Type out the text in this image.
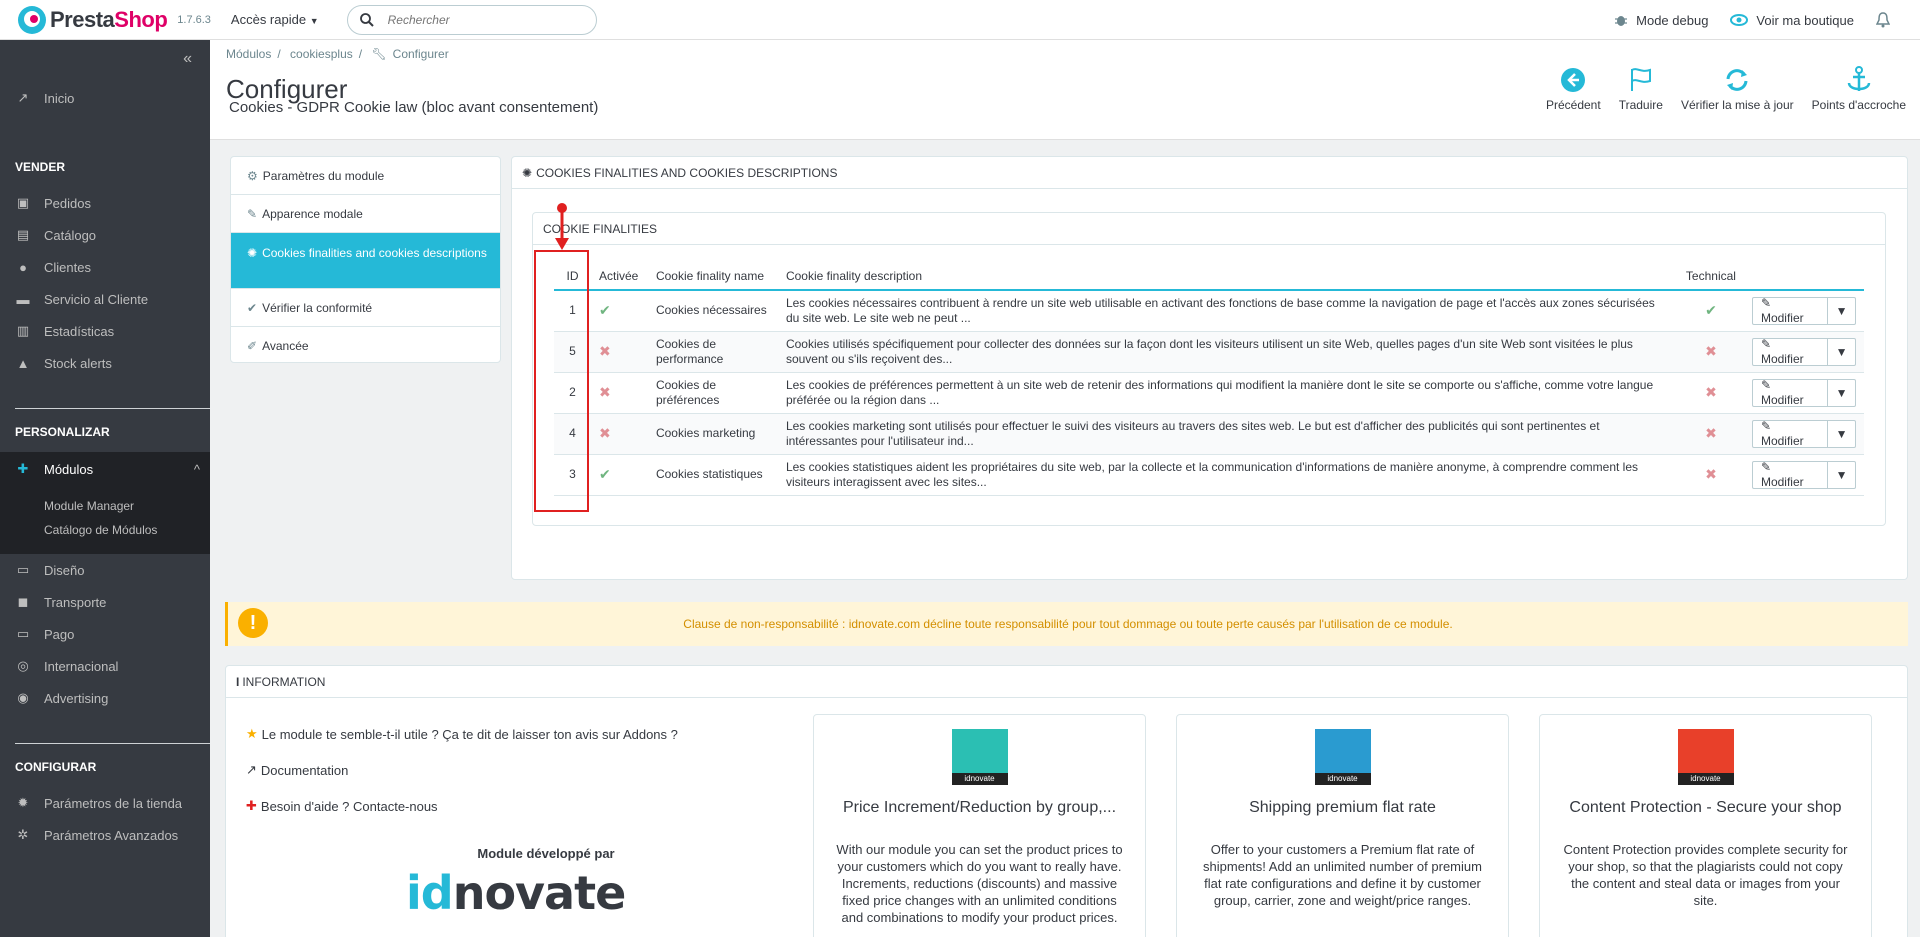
PrestaShop 1.7.6.3 Accès rapide ▼
Rechercher	Mode debug	Voir ma boutique
«
↗ Inicio
VENDER
▣ Pedidos
▤ Catálogo
●	Clientes
▬ Servicio al Cliente
▥ Estadísticas
▲ Stock alerts
PERSONALIZAR
✚ Módulos	^
Module Manager
Catálogo de Módulos
▭ Diseño
◼ Transporte
▭ Pago
◎ Internacional
◉ Advertising
CONFIGURAR
✹ Parámetros de la tienda
✲ Parámetros Avanzados
Módulos / cookiesplus / 🔧︎ Configurer
Configurer
Cookies - GDPR Cookie law (bloc avant consentement)	Précédent Traduire Vérifier la mise à jour Points d'accroche
⚙ Paramètres du module
✎ Apparence modale
✺ Cookies finalities and cookies descriptions
✔ Vérifier la conformité
✐ Avancée
✺ COOKIES FINALITIES AND COOKIES DESCRIPTIONS
COOKIE FINALITIES
ID	Activée	Cookie finality name	Cookie finality description	Technical	
1	✔	Cookies nécessaires	Les cookies nécessaires contribuent à rendre un site web utilisable en activant des fonctions de base comme la navigation de page et l'accès aux zones sécurisées du site web. Le site web ne peut ...	✔	✎ Modifier
▼

5	✖	Cookies de performance	Cookies utilisés spécifiquement pour collecter des données sur la façon dont les visiteurs utilisent un site Web, quelles pages d'un site Web sont visitées le plus souvent ou s'ils reçoivent des...	✖	✎ Modifier
▼

2	✖	Cookies de préférences	Les cookies de préférences permettent à un site web de retenir des informations qui modifient la manière dont le site se comporte ou s'affiche, comme votre langue préférée ou la région dans ...	✖	✎ Modifier
▼

4	✖	Cookies marketing	Les cookies marketing sont utilisés pour effectuer le suivi des visiteurs au travers des sites web. Le but est d'afficher des publicités qui sont pertinentes et intéressantes pour l'utilisateur ind...	✖	✎ Modifier
▼

3	✔	Cookies statistiques	Les cookies statistiques aident les propriétaires du site web, par la collecte et la communication d'informations de manière anonyme, à comprendre comment les visiteurs interagissent avec les sites...	✖	✎ Modifier
▼
!	Clause de non-responsabilité : idnovate.com décline toute responsabilité pour tout dommage ou toute perte causés par l'utilisation de ce module.
I INFORMATION
★ Le module te semble-t-il utile ? Ça te dit de laisser ton avis sur Addons ?
↗ Documentation
✚ Besoin d'aide ? Contacte-nous
Module développé par
idnovate
idnovate
Price Increment/Reduction by group,...
With our module you can set the product prices to your customers which do you want to really have. Increments, reductions (discounts) and massive fixed price changes with an unlimited conditions and combinations to modify your product prices.
idnovate
Shipping premium flat rate
Offer to your customers a Premium flat rate of shipments! Add an unlimited number of premium flat rate configurations and define it by customer group, carrier, zone and weight/price ranges.
idnovate
Content Protection - Secure your shop
Content Protection provides complete security for your shop, so that the plagiarists could not copy the content and steal data or images from your site.
